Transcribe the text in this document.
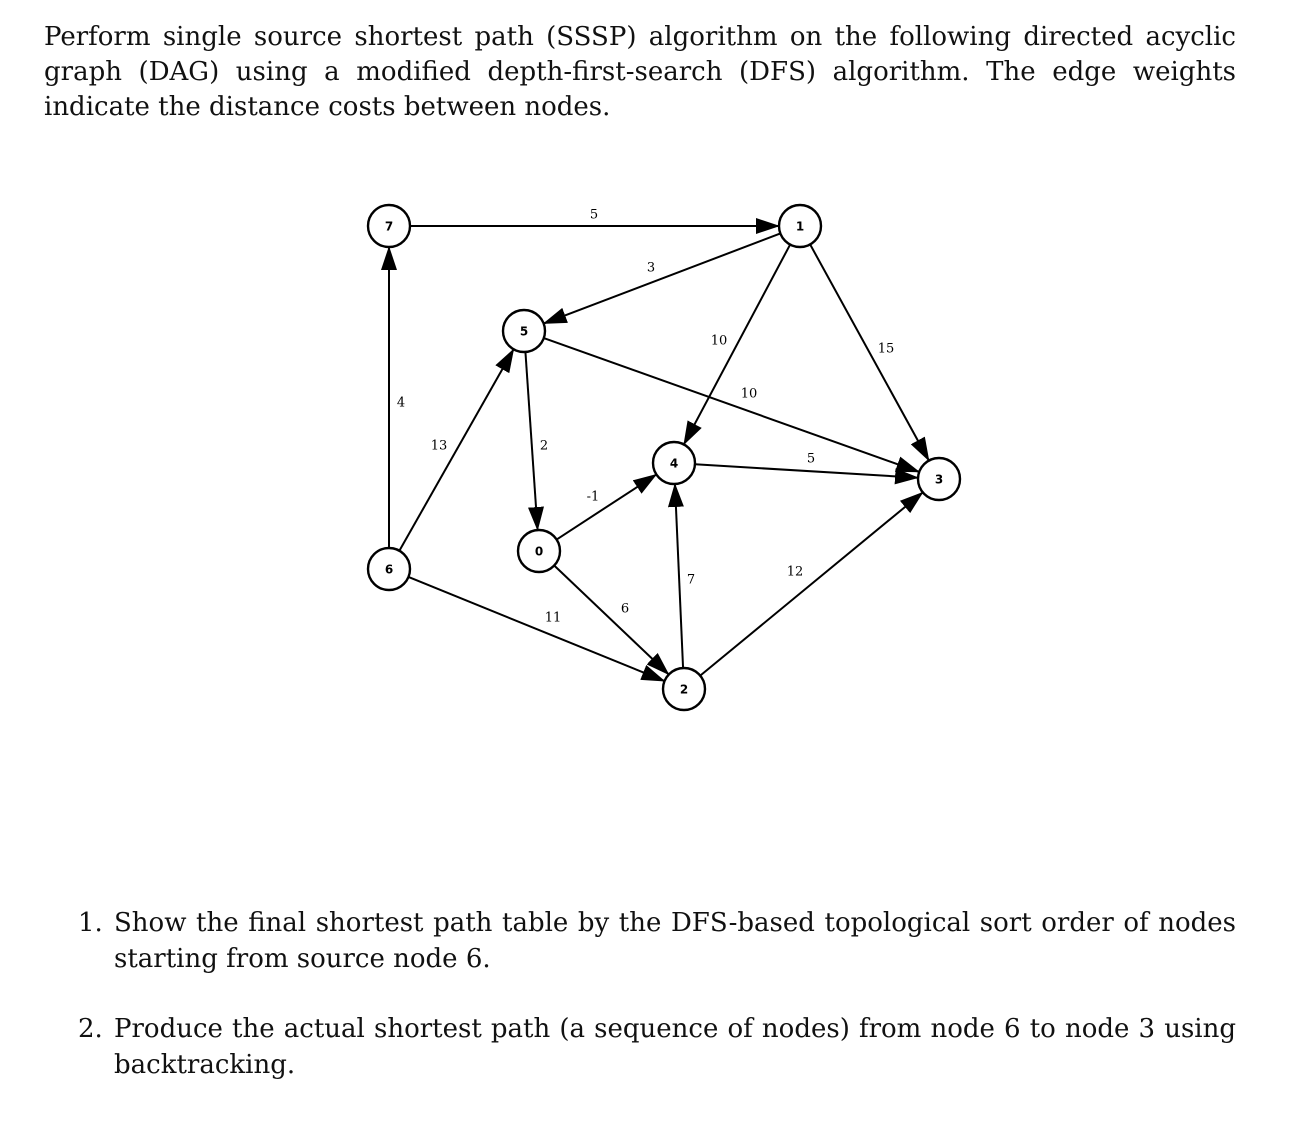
Perform single source shortest path (SSSP) algorithm on the following directed acyclic graph (DAG) using a modified depth-first-search (DFS) algorithm. The edge weights indicate the distance costs between nodes.

5
3
10
15
10
4
13	2
-1
5
7
12
6
11
7	1
5
4
3
6
0
2
1. Show the final shortest path table by the DFS-based topological sort order of nodes starting from source node 6.
2. Produce the actual shortest path (a sequence of nodes) from node 6 to node 3 using backtracking.
